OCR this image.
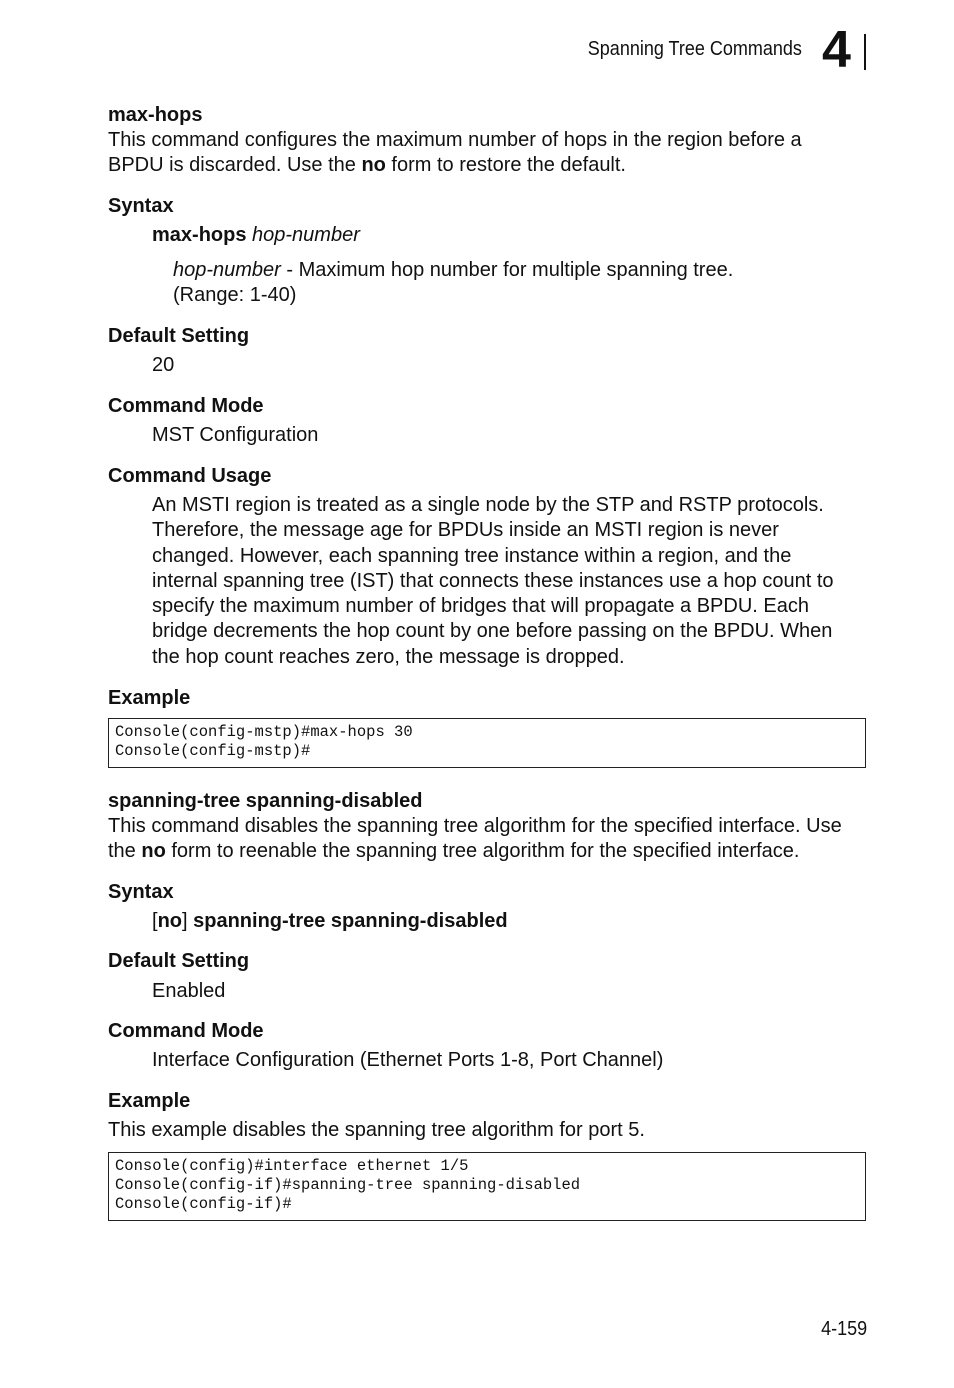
Spanning Tree Commands 4
max-hops
This command configures the maximum number of hops in the region before a
BPDU is discarded. Use the no form to restore the default.
Syntax
max-hops hop-number
hop-number - Maximum hop number for multiple spanning tree.
(Range: 1-40)
Default Setting
20
Command Mode
MST Configuration
Command Usage
An MSTI region is treated as a single node by the STP and RSTP protocols.
Therefore, the message age for BPDUs inside an MSTI region is never
changed. However, each spanning tree instance within a region, and the
internal spanning tree (IST) that connects these instances use a hop count to
specify the maximum number of bridges that will propagate a BPDU. Each
bridge decrements the hop count by one before passing on the BPDU. When
the hop count reaches zero, the message is dropped.
Example
Console(config-mstp)#max-hops 30
Console(config-mstp)#
spanning-tree spanning-disabled
This command disables the spanning tree algorithm for the specified interface. Use
the no form to reenable the spanning tree algorithm for the specified interface.
Syntax
[no] spanning-tree spanning-disabled
Default Setting
Enabled
Command Mode
Interface Configuration (Ethernet Ports 1-8, Port Channel)
Example
This example disables the spanning tree algorithm for port 5.
Console(config)#interface ethernet 1/5
Console(config-if)#spanning-tree spanning-disabled
Console(config-if)#
4-159
